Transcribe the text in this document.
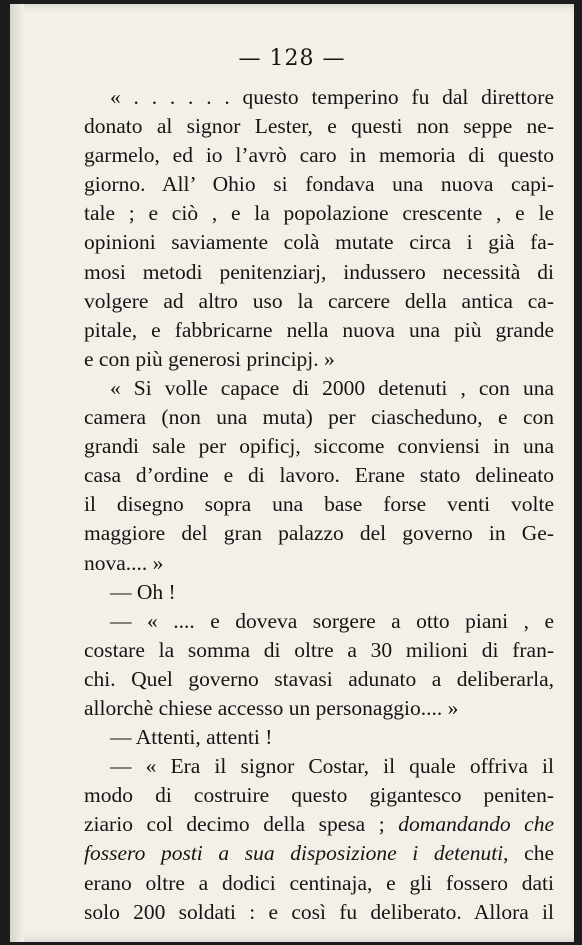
— 128 —
« . . . . . . questo temperino fu dal direttore
donato al signor Lester, e questi non seppe ne-
garmelo, ed io l’avrò caro in memoria di questo
giorno. All’ Ohio si fondava una nuova capi-
tale ; e ciò , e la popolazione crescente , e le
opinioni saviamente colà mutate circa i già fa-
mosi metodi penitenziarj, indussero necessità di
volgere ad altro uso la carcere della antica ca-
pitale, e fabbricarne nella nuova una più grande
e con più generosi principj. »
« Si volle capace di 2000 detenuti , con una
camera (non una muta) per ciascheduno, e con
grandi sale per opificj, siccome conviensi in una
casa d’ordine e di lavoro. Erane stato delineato
il disegno sopra una base forse venti volte
maggiore del gran palazzo del governo in Ge-
nova.... »
— Oh !
— « .... e doveva sorgere a otto piani , e
costare la somma di oltre a 30 milioni di fran-
chi. Quel governo stavasi adunato a deliberarla,
allorchè chiese accesso un personaggio.... »
— Attenti, attenti !
— « Era il signor Costar, il quale offriva il
modo di costruire questo gigantesco peniten-
ziario col decimo della spesa ; domandando che
fossero posti a sua disposizione i detenuti, che
erano oltre a dodici centinaja, e gli fossero dati
solo 200 soldati : e così fu deliberato. Allora il
